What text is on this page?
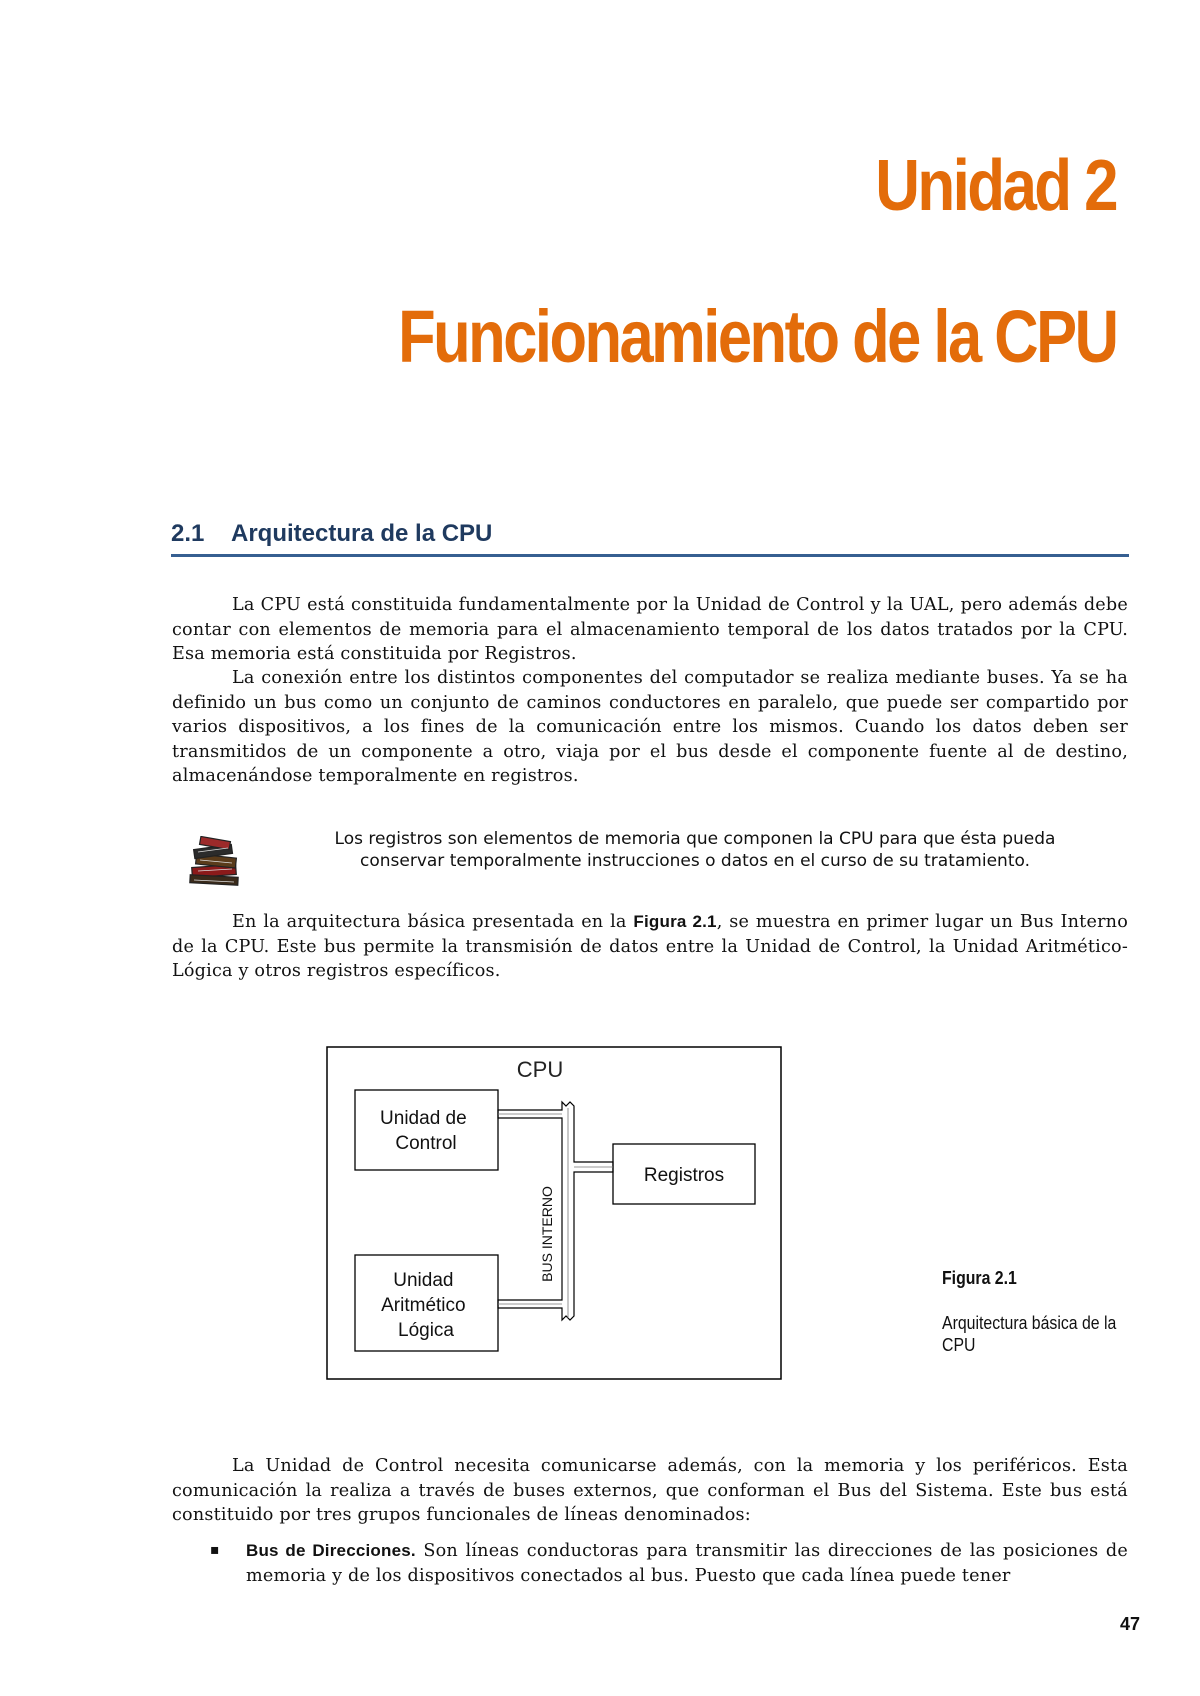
Unidad 2
Funcionamiento de la CPU
2.1 Arquitectura de la CPU

La CPU está constituida fundamentalmente por la Unidad de Control y la UAL, pero además debe contar con elementos de memoria para el almacenamiento temporal de los datos tratados por la CPU. Esa memoria está constituida por Registros.

La conexión entre los distintos componentes del computador se realiza mediante buses. Ya se ha definido un bus como un conjunto de caminos conductores en paralelo, que puede ser compartido por varios dispositivos, a los fines de la comunicación entre los mismos. Cuando los datos deben ser transmitidos de un componente a otro, viaja por el bus desde el componente fuente al de destino, almacenándose temporalmente en registros.

Los registros son elementos de memoria que componen la CPU para que ésta pueda conservar temporalmente instrucciones o datos en el curso de su tratamiento.

En la arquitectura básica presentada en la Figura 2.1, se muestra en primer lugar un Bus Interno de la CPU. Este bus permite la transmisión de datos entre la Unidad de Control, la Unidad Aritmético-Lógica y otros registros específicos.

CPU
Unidad de Control
Unidad Aritmético Lógica
Registros
BUS INTERNO	Figura 2.1

Arquitectura básica de la CPU

La Unidad de Control necesita comunicarse además, con la memoria y los periféricos. Esta comunicación la realiza a través de buses externos, que conforman el Bus del Sistema. Este bus está constituido por tres grupos funcionales de líneas denominados:

▪ Bus de Direcciones. Son líneas conductoras para transmitir las direcciones de las posiciones de memoria y de los dispositivos conectados al bus. Puesto que cada línea puede tener

47
